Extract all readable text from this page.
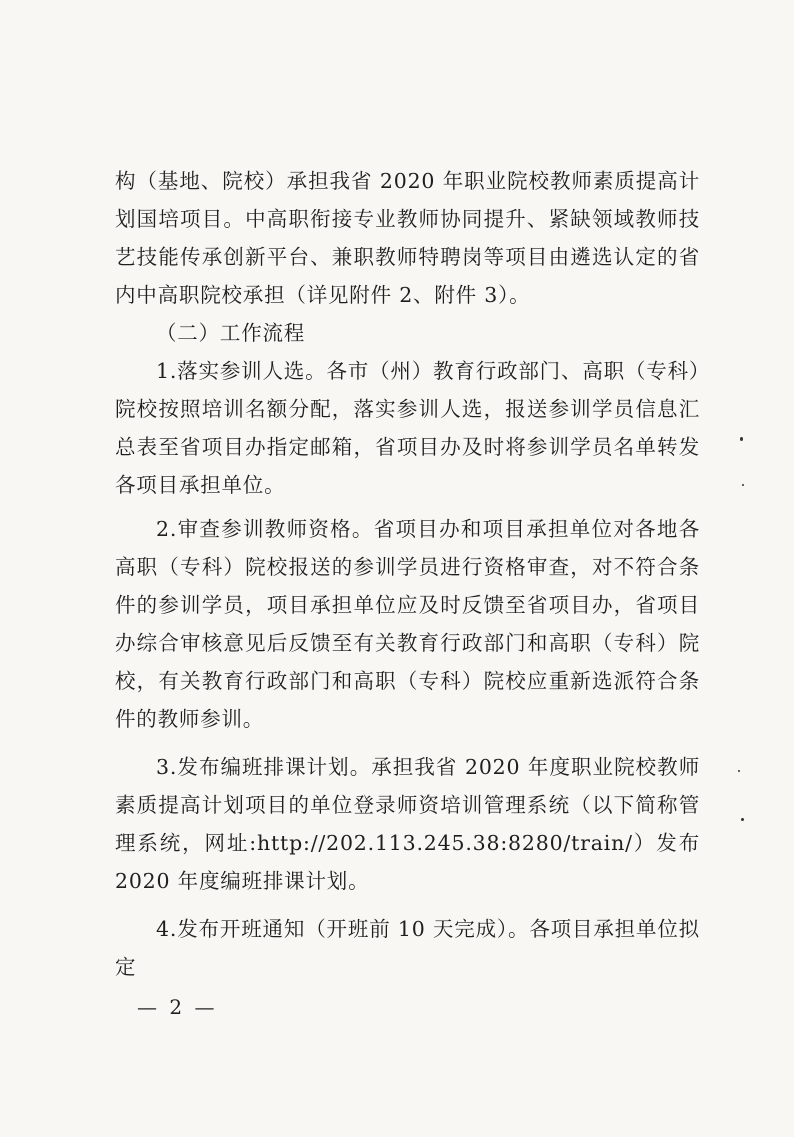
构（基地、院校）承担我省 2020 年职业院校教师素质提高计划国培项目。中高职衔接专业教师协同提升、紧缺领域教师技艺技能传承创新平台、兼职教师特聘岗等项目由遴选认定的省内中高职院校承担（详见附件 2、附件 3）。

（二）工作流程

1.落实参训人选。各市（州）教育行政部门、高职（专科）院校按照培训名额分配，落实参训人选，报送参训学员信息汇总表至省项目办指定邮箱，省项目办及时将参训学员名单转发各项目承担单位。

2.审查参训教师资格。省项目办和项目承担单位对各地各高职（专科）院校报送的参训学员进行资格审查，对不符合条件的参训学员，项目承担单位应及时反馈至省项目办，省项目办综合审核意见后反馈至有关教育行政部门和高职（专科）院校，有关教育行政部门和高职（专科）院校应重新选派符合条件的教师参训。

3.发布编班排课计划。承担我省 2020 年度职业院校教师素质提高计划项目的单位登录师资培训管理系统（以下简称管理系统，网址:http://202.113.245.38:8280/train/）发布 2020 年度编班排课计划。

4.发布开班通知（开班前 10 天完成）。各项目承担单位拟定

— 2 —
